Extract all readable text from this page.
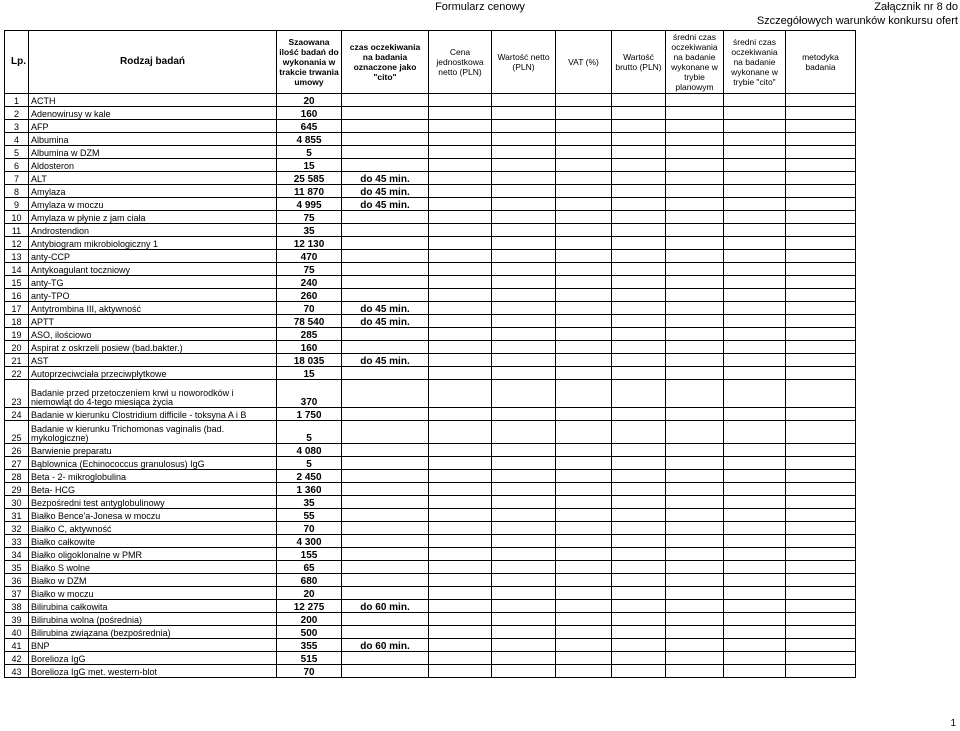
Formularz cenowy	Załącznik nr 8 do
Szczegółowych warunków konkursu ofert
Lp.	Rodzaj badań	Szaowana ilość badań do wykonania w trakcie trwania umowy	czas oczekiwania na badania oznaczone jako "cito"	Cena jednostkowa netto (PLN)	Wartość netto (PLN)	VAT (%)	Wartość brutto (PLN)	średni czas oczekiwania na badanie wykonane w trybie planowym	średni czas oczekiwania na badanie wykonane w trybie "cito"	metodyka badania
1	ACTH	20								
2	Adenowirusy w kale	160								
3	AFP	645								
4	Albumina	4 855								
5	Albumina w DZM	5								
6	Aldosteron	15								
7	ALT	25 585	do 45 min.							
8	Amylaza	11 870	do 45 min.							
9	Amylaza w moczu	4 995	do 45 min.							
10	Amylaza w płynie z jam ciała	75								
11	Androstendion	35								
12	Antybiogram mikrobiologiczny 1	12 130								
13	anty-CCP	470								
14	Antykoagulant toczniowy	75								
15	anty-TG	240								
16	anty-TPO	260								
17	Antytrombina III, aktywność	70	do 45 min.							
18	APTT	78 540	do 45 min.							
19	ASO, ilościowo	285								
20	Aspirat z oskrzeli posiew (bad.bakter.)	160								
21	AST	18 035	do 45 min.							
22	Autoprzeciwciała przeciwpłytkowe	15								
23	Badanie przed przetoczeniem krwi u noworodków i niemowląt do 4-tego miesiąca życia	370								
24	Badanie w kierunku Clostridium difficile - toksyna A i B	1 750								
25	Badanie w kierunku Trichomonas vaginalis (bad. mykologiczne)	5								
26	Barwienie preparatu	4 080								
27	Bąblownica (Echinococcus granulosus) IgG	5								
28	Beta - 2- mikroglobulina	2 450								
29	Beta- HCG	1 360								
30	Bezpośredni test antyglobulinowy	35								
31	Białko Bence'a-Jonesa w moczu	55								
32	Białko C, aktywność	70								
33	Białko całkowite	4 300								
34	Białko oligoklonalne w PMR	155								
35	Białko S wolne	65								
36	Białko w DZM	680								
37	Białko w moczu	20								
38	Bilirubina całkowita	12 275	do 60 min.							
39	Bilirubina wolna (pośrednia)	200								
40	Bilirubina związana (bezpośrednia)	500								
41	BNP	355	do 60 min.							
42	Borelioza IgG	515								
43	Borelioza IgG met. western-blot	70								
1
